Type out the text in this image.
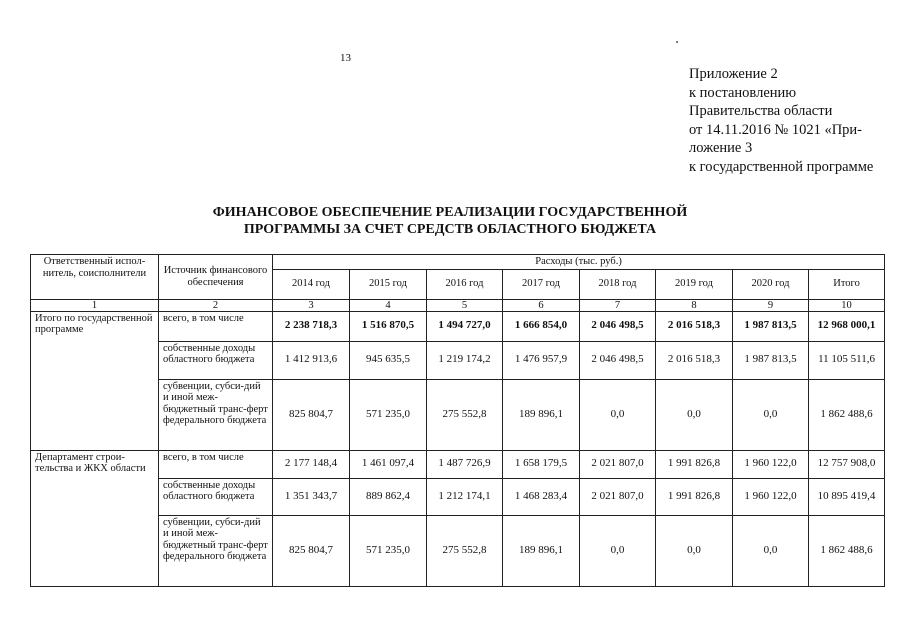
13
Приложение 2
к постановлению
Правительства области
от 14.11.2016 № 1021 «При-
ложение 3
к государственной программе
ФИНАНСОВОЕ ОБЕСПЕЧЕНИЕ РЕАЛИЗАЦИИ ГОСУДАРСТВЕННОЙ
ПРОГРАММЫ ЗА СЧЕТ СРЕДСТВ ОБЛАСТНОГО БЮДЖЕТА
Ответственный испол-нитель, соисполнители	Источник финансового обеспечения	Расходы (тыс. руб.)							
		2014 год	2015 год	2016 год	2017 год	2018 год	2019 год	2020 год	Итого
1	2	3	4	5	6	7	8	9	10
Итого по государственной программе	всего, в том числе	2 238 718,3	1 516 870,5	1 494 727,0	1 666 854,0	2 046 498,5	2 016 518,3	1 987 813,5	12 968 000,1
	собственные доходы областного бюджета	1 412 913,6	945 635,5	1 219 174,2	1 476 957,9	2 046 498,5	2 016 518,3	1 987 813,5	11 105 511,6
	субвенции, субси-дий и иной меж-бюджетный транс-ферт федерального бюджета	825 804,7	571 235,0	275 552,8	189 896,1	0,0	0,0	0,0	1 862 488,6
Департамент строи-тельства и ЖКХ области	всего, в том числе	2 177 148,4	1 461 097,4	1 487 726,9	1 658 179,5	2 021 807,0	1 991 826,8	1 960 122,0	12 757 908,0
	собственные доходы областного бюджета	1 351 343,7	889 862,4	1 212 174,1	1 468 283,4	2 021 807,0	1 991 826,8	1 960 122,0	10 895 419,4
	субвенции, субси-дий и иной меж-бюджетный транс-ферт федерального бюджета	825 804,7	571 235,0	275 552,8	189 896,1	0,0	0,0	0,0	1 862 488,6
